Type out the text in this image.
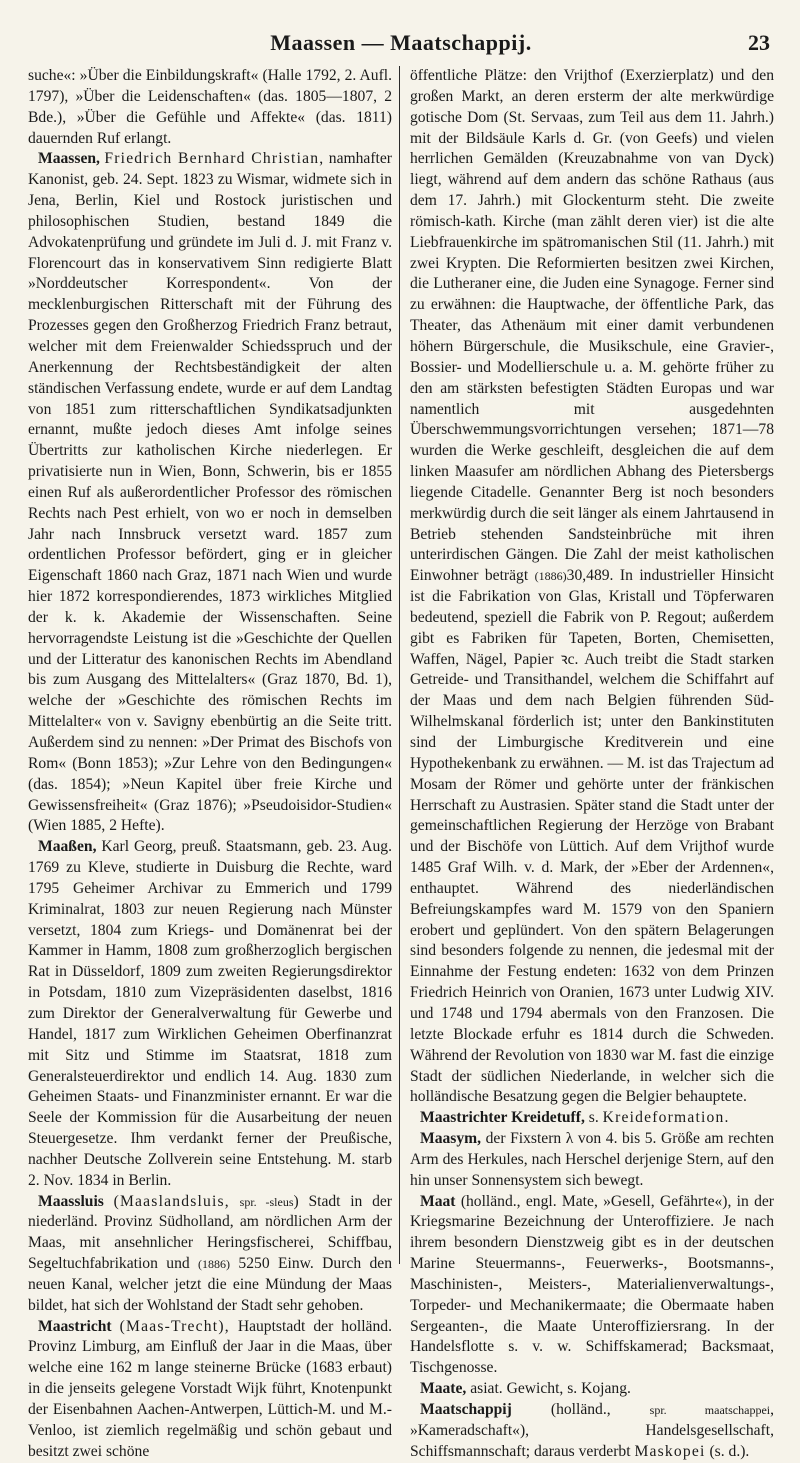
Maassen — Maatschappij.	23

suche«: »Über die Einbildungskraft« (Halle 1792, 2. Aufl. 1797), »Über die Leidenschaften« (das. 1805—1807, 2 Bde.), »Über die Gefühle und Affekte« (das. 1811) dauernden Ruf erlangt.

Maassen, Friedrich Bernhard Christian, namhafter Kanonist, geb. 24. Sept. 1823 zu Wismar, widmete sich in Jena, Berlin, Kiel und Rostock juristischen und philosophischen Studien, bestand 1849 die Advokatenprüfung und gründete im Juli d. J. mit Franz v. Florencourt das in konservativem Sinn redigierte Blatt »Norddeutscher Korrespondent«. Von der mecklenburgischen Ritterschaft mit der Führung des Prozesses gegen den Großherzog Friedrich Franz betraut, welcher mit dem Freienwalder Schiedsspruch und der Anerkennung der Rechtsbeständigkeit der alten ständischen Verfassung endete, wurde er auf dem Landtag von 1851 zum ritterschaftlichen Syndikatsadjunkten ernannt, mußte jedoch dieses Amt infolge seines Übertritts zur katholischen Kirche niederlegen. Er privatisierte nun in Wien, Bonn, Schwerin, bis er 1855 einen Ruf als außerordentlicher Professor des römischen Rechts nach Pest erhielt, von wo er noch in demselben Jahr nach Innsbruck versetzt ward. 1857 zum ordentlichen Professor befördert, ging er in gleicher Eigenschaft 1860 nach Graz, 1871 nach Wien und wurde hier 1872 korrespondierendes, 1873 wirkliches Mitglied der k. k. Akademie der Wissenschaften. Seine hervorragendste Leistung ist die »Geschichte der Quellen und der Litteratur des kanonischen Rechts im Abendland bis zum Ausgang des Mittelalters« (Graz 1870, Bd. 1), welche der »Geschichte des römischen Rechts im Mittelalter« von v. Savigny ebenbürtig an die Seite tritt. Außerdem sind zu nennen: »Der Primat des Bischofs von Rom« (Bonn 1853); »Zur Lehre von den Bedingungen« (das. 1854); »Neun Kapitel über freie Kirche und Gewissensfreiheit« (Graz 1876); »Pseudoisidor-Studien« (Wien 1885, 2 Hefte).

Maaßen, Karl Georg, preuß. Staatsmann, geb. 23. Aug. 1769 zu Kleve, studierte in Duisburg die Rechte, ward 1795 Geheimer Archivar zu Emmerich und 1799 Kriminalrat, 1803 zur neuen Regierung nach Münster versetzt, 1804 zum Kriegs- und Domänenrat bei der Kammer in Hamm, 1808 zum großherzoglich bergischen Rat in Düsseldorf, 1809 zum zweiten Regierungsdirektor in Potsdam, 1810 zum Vizepräsidenten daselbst, 1816 zum Direktor der Generalverwaltung für Gewerbe und Handel, 1817 zum Wirklichen Geheimen Oberfinanzrat mit Sitz und Stimme im Staatsrat, 1818 zum Generalsteuerdirektor und endlich 14. Aug. 1830 zum Geheimen Staats- und Finanzminister ernannt. Er war die Seele der Kommission für die Ausarbeitung der neuen Steuergesetze. Ihm verdankt ferner der Preußische, nachher Deutsche Zollverein seine Entstehung. M. starb 2. Nov. 1834 in Berlin.

Maassluis (Maaslandsluis, spr. -sleus) Stadt in der niederländ. Provinz Südholland, am nördlichen Arm der Maas, mit ansehnlicher Heringsfischerei, Schiffbau, Segeltuchfabrikation und (1886) 5250 Einw. Durch den neuen Kanal, welcher jetzt die eine Mündung der Maas bildet, hat sich der Wohlstand der Stadt sehr gehoben.

Maastricht (Maas-Trecht), Hauptstadt der holländ. Provinz Limburg, am Einfluß der Jaar in die Maas, über welche eine 162 m lange steinerne Brücke (1683 erbaut) in die jenseits gelegene Vorstadt Wijk führt, Knotenpunkt der Eisenbahnen Aachen-Antwerpen, Lüttich-M. und M.-Venloo, ist ziemlich regelmäßig und schön gebaut und besitzt zwei schöne

öffentliche Plätze: den Vrijthof (Exerzierplatz) und den großen Markt, an deren ersterm der alte merkwürdige gotische Dom (St. Servaas, zum Teil aus dem 11. Jahrh.) mit der Bildsäule Karls d. Gr. (von Geefs) und vielen herrlichen Gemälden (Kreuzabnahme von van Dyck) liegt, während auf dem andern das schöne Rathaus (aus dem 17. Jahrh.) mit Glockenturm steht. Die zweite römisch-kath. Kirche (man zählt deren vier) ist die alte Liebfrauenkirche im spätromanischen Stil (11. Jahrh.) mit zwei Krypten. Die Reformierten besitzen zwei Kirchen, die Lutheraner eine, die Juden eine Synagoge. Ferner sind zu erwähnen: die Hauptwache, der öffentliche Park, das Theater, das Athenäum mit einer damit verbundenen höhern Bürgerschule, die Musikschule, eine Gravier-, Bossier- und Modellierschule u. a. M. gehörte früher zu den am stärksten befestigten Städten Europas und war namentlich mit ausgedehnten Überschwemmungsvorrichtungen versehen; 1871—78 wurden die Werke geschleift, desgleichen die auf dem linken Maasufer am nördlichen Abhang des Pietersbergs liegende Citadelle. Genannter Berg ist noch besonders merkwürdig durch die seit länger als einem Jahrtausend in Betrieb stehenden Sandsteinbrüche mit ihren unterirdischen Gängen. Die Zahl der meist katholischen Einwohner beträgt (1886)30,489. In industrieller Hinsicht ist die Fabrikation von Glas, Kristall und Töpferwaren bedeutend, speziell die Fabrik von P. Regout; außerdem gibt es Fabriken für Tapeten, Borten, Chemisetten, Waffen, Nägel, Papier ꝛc. Auch treibt die Stadt starken Getreide- und Transithandel, welchem die Schiffahrt auf der Maas und dem nach Belgien führenden Süd-Wilhelmskanal förderlich ist; unter den Bankinstituten sind der Limburgische Kreditverein und eine Hypothekenbank zu erwähnen. — M. ist das Trajectum ad Mosam der Römer und gehörte unter der fränkischen Herrschaft zu Austrasien. Später stand die Stadt unter der gemeinschaftlichen Regierung der Herzöge von Brabant und der Bischöfe von Lüttich. Auf dem Vrijthof wurde 1485 Graf Wilh. v. d. Mark, der »Eber der Ardennen«, enthauptet. Während des niederländischen Befreiungskampfes ward M. 1579 von den Spaniern erobert und geplündert. Von den spätern Belagerungen sind besonders folgende zu nennen, die jedesmal mit der Einnahme der Festung endeten: 1632 von dem Prinzen Friedrich Heinrich von Oranien, 1673 unter Ludwig XIV. und 1748 und 1794 abermals von den Franzosen. Die letzte Blockade erfuhr es 1814 durch die Schweden. Während der Revolution von 1830 war M. fast die einzige Stadt der südlichen Niederlande, in welcher sich die holländische Besatzung gegen die Belgier behauptete.

Maastrichter Kreidetuff, s. Kreideformation.

Maasym, der Fixstern λ von 4. bis 5. Größe am rechten Arm des Herkules, nach Herschel derjenige Stern, auf den hin unser Sonnensystem sich bewegt.

Maat (holländ., engl. Mate, »Gesell, Gefährte«), in der Kriegsmarine Bezeichnung der Unteroffiziere. Je nach ihrem besondern Dienstzweig gibt es in der deutschen Marine Steuermanns-, Feuerwerks-, Bootsmanns-, Maschinisten-, Meisters-, Materialienverwaltungs-, Torpeder- und Mechanikermaate; die Obermaate haben Sergeanten-, die Maate Unteroffiziersrang. In der Handelsflotte s. v. w. Schiffskamerad; Backsmaat, Tischgenosse.

Maate, asiat. Gewicht, s. Kojang.

Maatschappij	(holländ.,	spr. maatschappei, »Kameradschaft«), Handelsgesellschaft, Schiffsmannschaft; daraus verderbt Maskopei (s. d.).
